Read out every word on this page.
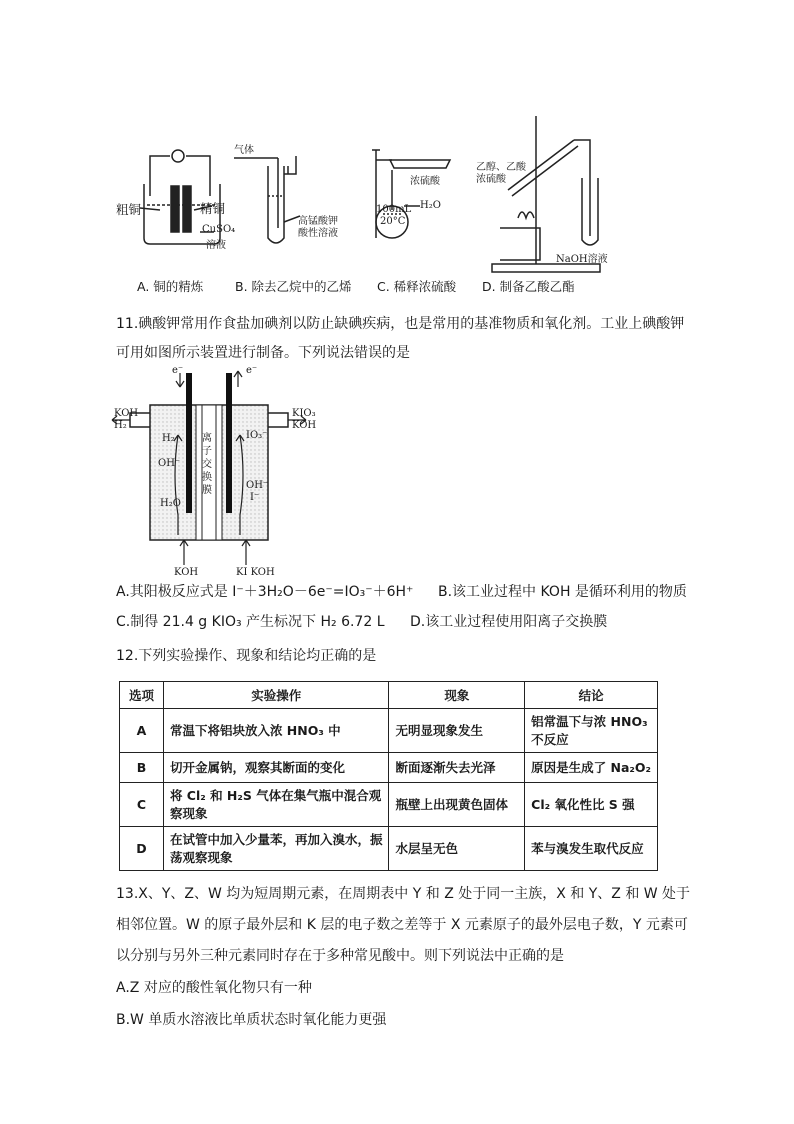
粗铜	精铜
CuSO₄
溶液
气体
高锰酸钾
酸性溶液
浓硫酸
100mL
20°C
H₂O
乙醇、乙酸
浓硫酸
NaOH溶液
A. 铜的精炼	B. 除去乙烷中的乙烯 C. 稀释浓硫酸 D. 制备乙酸乙酯
11.碘酸钾常用作食盐加碘剂以防止缺碘疾病，也是常用的基准物质和氧化剂。工业上碘酸钾
可用如图所示装置进行制备。下列说法错误的是
e⁻	e⁻
KOH
H₂
KIO₃
KOH
H₂
OH⁻
H₂O
IO₃⁻
OH⁻
I⁻
离子交换膜
KOH	KI KOH
A.其阳极反应式是 I⁻＋3H₂O－6e⁻=IO₃⁻＋6H⁺ B.该工业过程中 KOH 是循环利用的物质
C.制得 21.4 g KIO₃ 产生标况下 H₂ 6.72 L D.该工业过程使用阳离子交换膜
12.下列实验操作、现象和结论均正确的是
选项	实验操作	现象	结论
A	常温下将铝块放入浓 HNO₃ 中	无明显现象发生	铝常温下与浓 HNO₃ 不反应
B	切开金属钠，观察其断面的变化	断面逐渐失去光泽	原因是生成了 Na₂O₂
C	将 Cl₂ 和 H₂S 气体在集气瓶中混合观察现象	瓶壁上出现黄色固体	Cl₂ 氧化性比 S 强
D	在试管中加入少量苯，再加入溴水，振荡观察现象	水层呈无色	苯与溴发生取代反应
13.X、Y、Z、W 均为短周期元素，在周期表中 Y 和 Z 处于同一主族，X 和 Y、Z 和 W 处于
相邻位置。W 的原子最外层和 K 层的电子数之差等于 X 元素原子的最外层电子数，Y 元素可
以分别与另外三种元素同时存在于多种常见酸中。则下列说法中正确的是
A.Z 对应的酸性氧化物只有一种
B.W 单质水溶液比单质状态时氧化能力更强
